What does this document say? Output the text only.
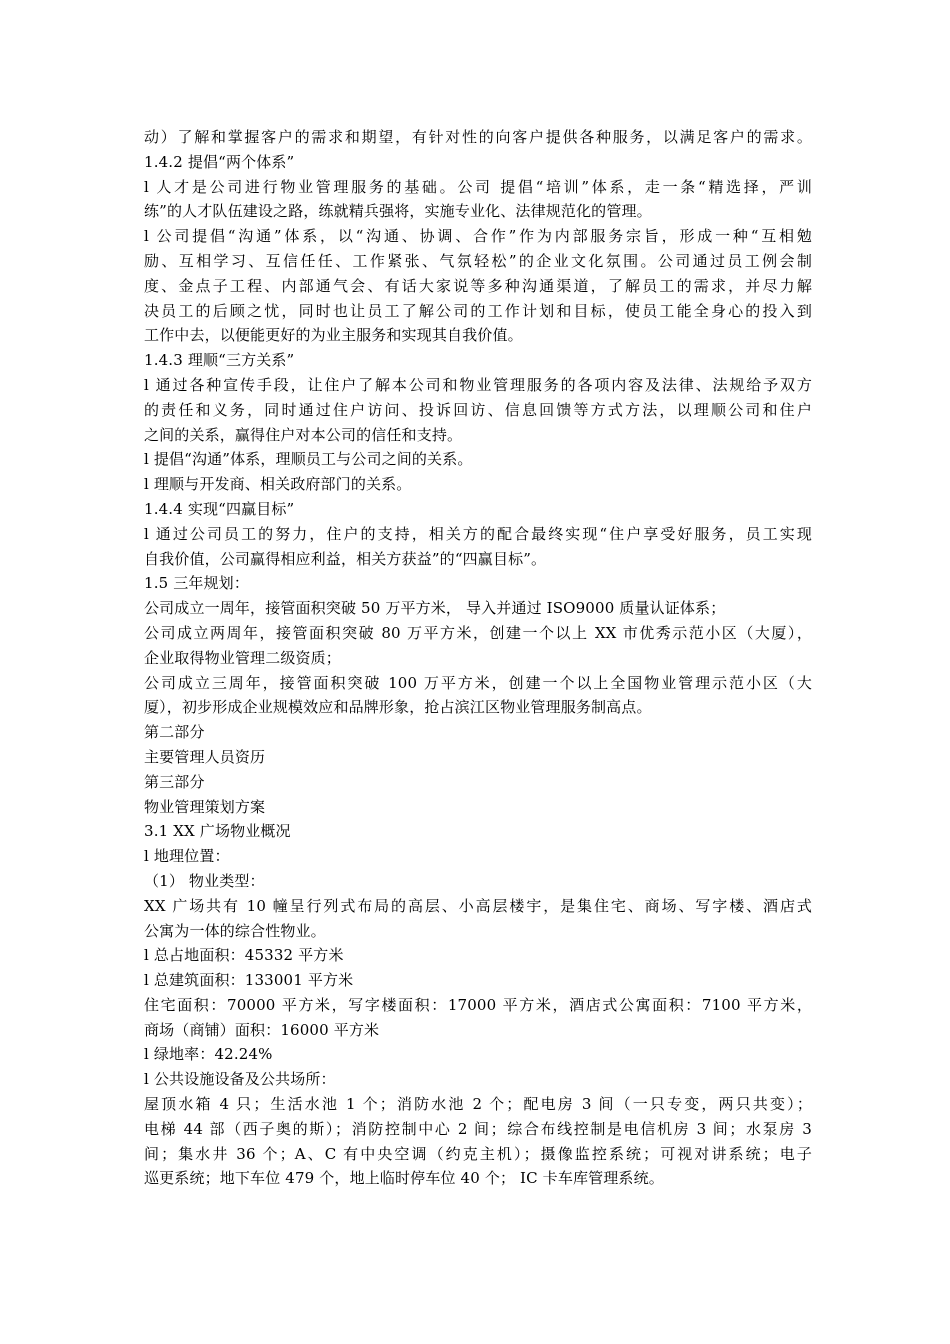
动）了解和掌握客户的需求和期望，有针对性的向客户提供各种服务，以满足客户的需求。
1.4.2 提倡“两个体系”
l 人才是公司进行物业管理服务的基础。公司 提倡“培训”体系，走一条“精选择，严训
练”的人才队伍建设之路，练就精兵强将，实施专业化、法律规范化的管理。
l 公司提倡“沟通”体系，以“沟通、协调、合作”作为内部服务宗旨，形成一种“互相勉
励、互相学习、互信任任、工作紧张、气氛轻松”的企业文化氛围。公司通过员工例会制
度、金点子工程、内部通气会、有话大家说等多种沟通渠道，了解员工的需求，并尽力解
决员工的后顾之忧，同时也让员工了解公司的工作计划和目标，使员工能全身心的投入到
工作中去，以便能更好的为业主服务和实现其自我价值。
1.4.3 理顺“三方关系”
l 通过各种宣传手段，让住户了解本公司和物业管理服务的各项内容及法律、法规给予双方
的责任和义务，同时通过住户访问、投诉回访、信息回馈等方式方法，以理顺公司和住户
之间的关系，赢得住户对本公司的信任和支持。
l 提倡“沟通”体系，理顺员工与公司之间的关系。
l 理顺与开发商、相关政府部门的关系。
1.4.4 实现“四赢目标”
l 通过公司员工的努力，住户的支持，相关方的配合最终实现“住户享受好服务，员工实现
自我价值，公司赢得相应利益，相关方获益”的“四赢目标”。
1.5 三年规划：
公司成立一周年，接管面积突破 50 万平方米， 导入并通过 ISO9000 质量认证体系；
公司成立两周年，接管面积突破 80 万平方米，创建一个以上 XX 市优秀示范小区（大厦），
企业取得物业管理二级资质；
公司成立三周年，接管面积突破 100 万平方米，创建一个以上全国物业管理示范小区（大
厦），初步形成企业规模效应和品牌形象，抢占滨江区物业管理服务制高点。
第二部分
主要管理人员资历
第三部分
物业管理策划方案
3.1 XX 广场物业概况
l 地理位置：
（1） 物业类型：
XX 广场共有 10 幢呈行列式布局的高层、小高层楼宇，是集住宅、商场、写字楼、酒店式
公寓为一体的综合性物业。
l 总占地面积：45332 平方米
l 总建筑面积：133001 平方米
住宅面积：70000 平方米，写字楼面积：17000 平方米，酒店式公寓面积：7100 平方米，
商场（商铺）面积：16000 平方米
l 绿地率：42.24%
l 公共设施设备及公共场所：
屋顶水箱 4 只；生活水池 1 个；消防水池 2 个；配电房 3 间（一只专变，两只共变）；
电梯 44 部（西子奥的斯）；消防控制中心 2 间；综合布线控制是电信机房 3 间；水泵房 3
间；集水井 36 个；A、C 有中央空调（约克主机）；摄像监控系统；可视对讲系统；电子
巡更系统；地下车位 479 个，地上临时停车位 40 个； IC 卡车库管理系统。
